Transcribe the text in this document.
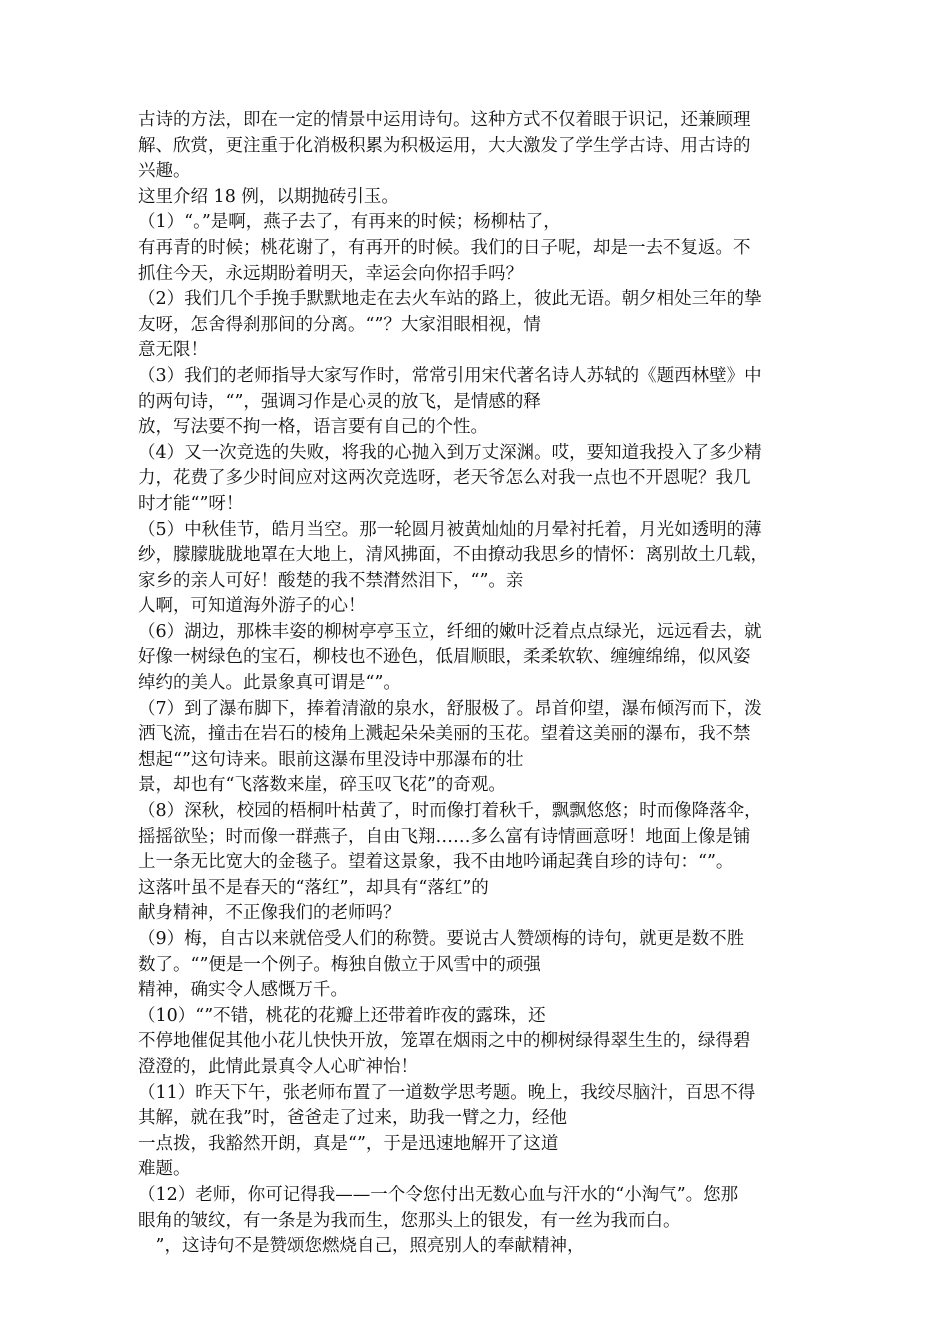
古诗的方法，即在一定的情景中运用诗句。这种方式不仅着眼于识记，还兼顾理
解、欣赏，更注重于化消极积累为积极运用，大大激发了学生学古诗、用古诗的
兴趣。
这里介绍 18 例，以期抛砖引玉。
（1）“。”是啊，燕子去了，有再来的时候；杨柳枯了，
有再青的时候；桃花谢了，有再开的时候。我们的日子呢，却是一去不复返。不
抓住今天，永远期盼着明天，幸运会向你招手吗？
（2）我们几个手挽手默默地走在去火车站的路上，彼此无语。朝夕相处三年的挚
友呀，怎舍得刹那间的分离。“”？大家泪眼相视，情
意无限！
（3）我们的老师指导大家写作时，常常引用宋代著名诗人苏轼的《题西林壁》中
的两句诗，“”，强调习作是心灵的放飞，是情感的释
放，写法要不拘一格，语言要有自己的个性。
（4）又一次竞选的失败，将我的心抛入到万丈深渊。哎，要知道我投入了多少精
力，花费了多少时间应对这两次竞选呀，老天爷怎么对我一点也不开恩呢？我几
时才能“”呀！
（5）中秋佳节，皓月当空。那一轮圆月被黄灿灿的月晕衬托着，月光如透明的薄
纱，朦朦胧胧地罩在大地上，清风拂面，不由撩动我思乡的情怀：离别故土几载，
家乡的亲人可好！酸楚的我不禁潸然泪下，“”。亲
人啊，可知道海外游子的心！
（6）湖边，那株丰姿的柳树亭亭玉立，纤细的嫩叶泛着点点绿光，远远看去，就
好像一树绿色的宝石，柳枝也不逊色，低眉顺眼，柔柔软软、缠缠绵绵，似风姿
绰约的美人。此景象真可谓是“”。
（7）到了瀑布脚下，捧着清澈的泉水，舒服极了。昂首仰望，瀑布倾泻而下，泼
洒飞流，撞击在岩石的棱角上溅起朵朵美丽的玉花。望着这美丽的瀑布，我不禁
想起“”这句诗来。眼前这瀑布里没诗中那瀑布的壮
景，却也有“飞落数来崖，碎玉叹飞花”的奇观。
（8）深秋，校园的梧桐叶枯黄了，时而像打着秋千，飘飘悠悠；时而像降落伞，
摇摇欲坠；时而像一群燕子，自由飞翔……多么富有诗情画意呀！地面上像是铺
上一条无比宽大的金毯子。望着这景象，我不由地吟诵起龚自珍的诗句：“”。
这落叶虽不是春天的“落红”，却具有“落红”的
献身精神，不正像我们的老师吗？
（9）梅，自古以来就倍受人们的称赞。要说古人赞颂梅的诗句，就更是数不胜
数了。“”便是一个例子。梅独自傲立于风雪中的顽强
精神，确实令人感慨万千。
（10）“”不错，桃花的花瓣上还带着昨夜的露珠，还
不停地催促其他小花儿快快开放，笼罩在烟雨之中的柳树绿得翠生生的，绿得碧
澄澄的，此情此景真令人心旷神怡！
（11）昨天下午，张老师布置了一道数学思考题。晚上，我绞尽脑汁，百思不得
其解，就在我”时，爸爸走了过来，助我一臂之力，经他
一点拨，我豁然开朗，真是“”，于是迅速地解开了这道
难题。
（12）老师，你可记得我——一个令您付出无数心血与汗水的“小淘气”。您那
眼角的皱纹，有一条是为我而生，您那头上的银发，有一丝为我而白。
　”，这诗句不是赞颂您燃烧自己，照亮别人的奉献精神，
